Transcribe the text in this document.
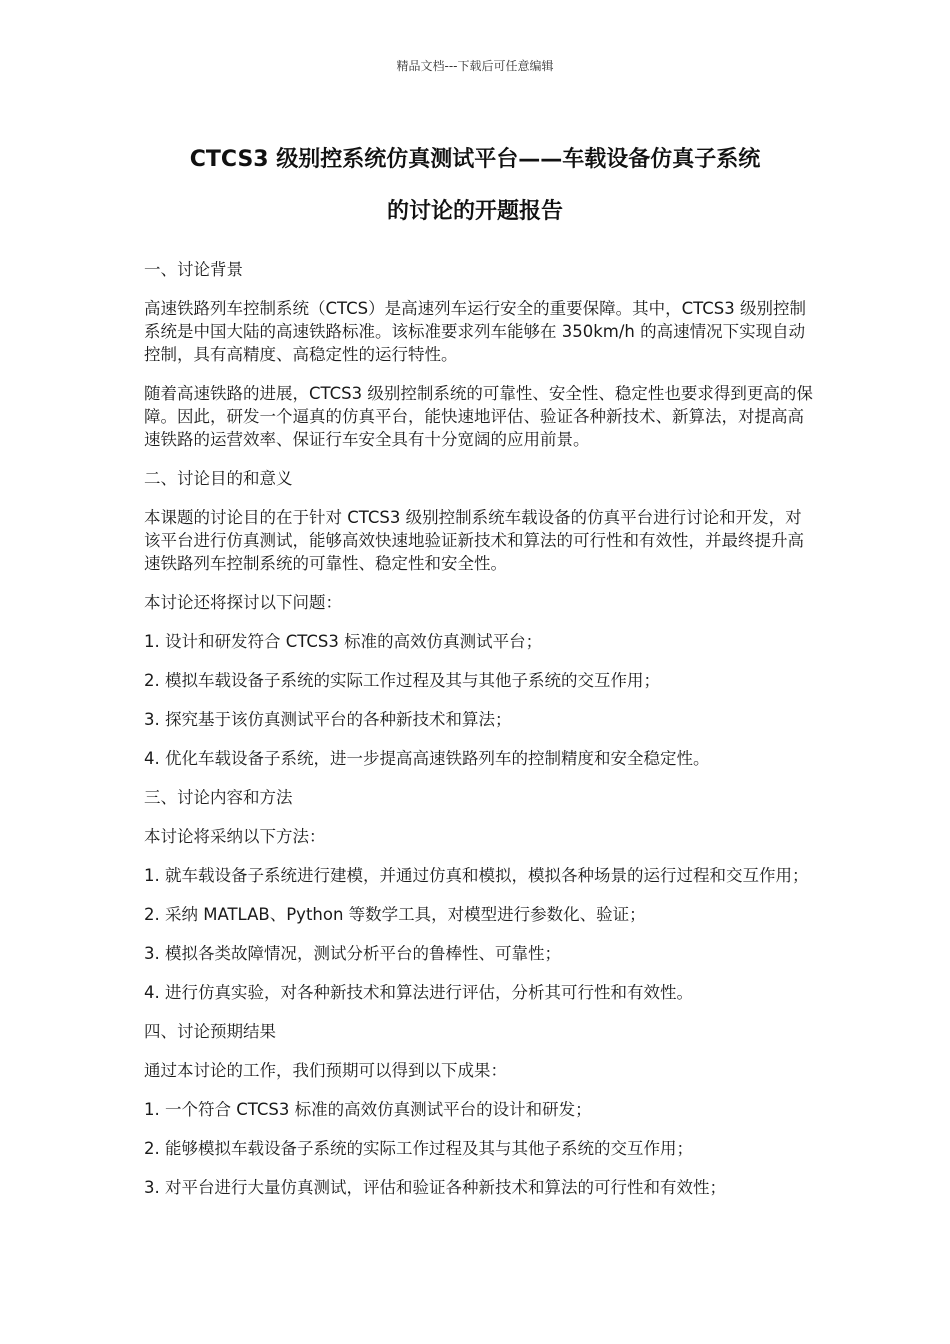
精品文档---下载后可任意编辑
CTCS3 级别控系统仿真测试平台——车载设备仿真子系统
的讨论的开题报告

一、讨论背景

高速铁路列车控制系统（CTCS）是高速列车运行安全的重要保障。其中，CTCS3 级别控制系统是中国大陆的高速铁路标准。该标准要求列车能够在 350km/h 的高速情况下实现自动控制，具有高精度、高稳定性的运行特性。

随着高速铁路的进展，CTCS3 级别控制系统的可靠性、安全性、稳定性也要求得到更高的保障。因此，研发一个逼真的仿真平台，能快速地评估、验证各种新技术、新算法，对提高高速铁路的运营效率、保证行车安全具有十分宽阔的应用前景。

二、讨论目的和意义

本课题的讨论目的在于针对 CTCS3 级别控制系统车载设备的仿真平台进行讨论和开发，对该平台进行仿真测试，能够高效快速地验证新技术和算法的可行性和有效性，并最终提升高速铁路列车控制系统的可靠性、稳定性和安全性。

本讨论还将探讨以下问题：

1. 设计和研发符合 CTCS3 标准的高效仿真测试平台；

2. 模拟车载设备子系统的实际工作过程及其与其他子系统的交互作用；

3. 探究基于该仿真测试平台的各种新技术和算法；

4. 优化车载设备子系统，进一步提高高速铁路列车的控制精度和安全稳定性。

三、讨论内容和方法

本讨论将采纳以下方法：

1. 就车载设备子系统进行建模，并通过仿真和模拟，模拟各种场景的运行过程和交互作用；

2. 采纳 MATLAB、Python 等数学工具，对模型进行参数化、验证；

3. 模拟各类故障情况，测试分析平台的鲁棒性、可靠性；

4. 进行仿真实验，对各种新技术和算法进行评估，分析其可行性和有效性。

四、讨论预期结果

通过本讨论的工作，我们预期可以得到以下成果：

1. 一个符合 CTCS3 标准的高效仿真测试平台的设计和研发；

2. 能够模拟车载设备子系统的实际工作过程及其与其他子系统的交互作用；

3. 对平台进行大量仿真测试，评估和验证各种新技术和算法的可行性和有效性；
